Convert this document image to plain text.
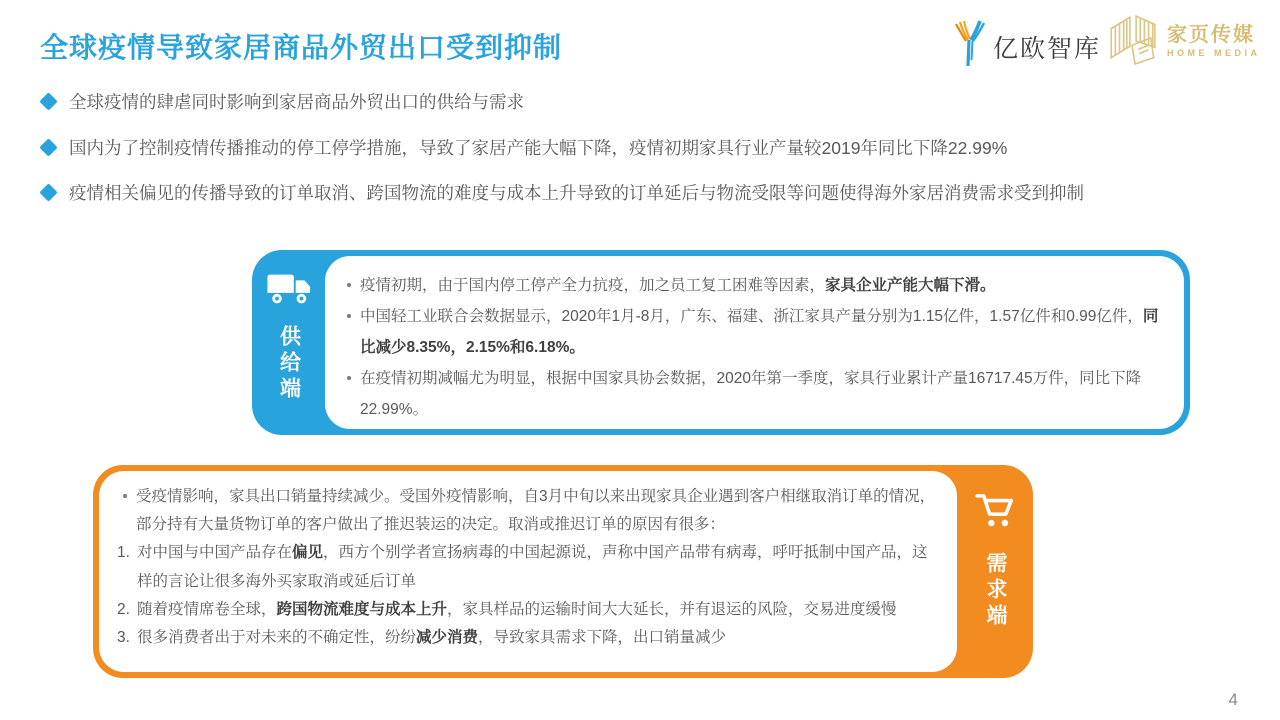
全球疫情导致家居商品外贸出口受到抑制	亿欧智库	家页传媒
HOME MEDIA
全球疫情的肆虐同时影响到家居商品外贸出口的供给与需求
国内为了控制疫情传播推动的停工停学措施，导致了家居产能大幅下降，疫情初期家具行业产量较2019年同比下降22.99%
疫情相关偏见的传播导致的订单取消、跨国物流的难度与成本上升导致的订单延后与物流受限等问题使得海外家居消费需求受到抑制
供给端
疫情初期，由于国内停工停产全力抗疫，加之员工复工困难等因素，家具企业产能大幅下滑。
中国轻工业联合会数据显示，2020年1月-8月，广东、福建、浙江家具产量分别为1.15亿件，1.57亿件和0.99亿件，同比减少8.35%，2.15%和6.18%。
在疫情初期减幅尤为明显，根据中国家具协会数据，2020年第一季度，家具行业累计产量16717.45万件，同比下降22.99%。
受疫情影响，家具出口销量持续减少。受国外疫情影响，自3月中旬以来出现家具企业遇到客户相继取消订单的情况，部分持有大量货物订单的客户做出了推迟装运的决定。取消或推迟订单的原因有很多：
1. 对中国与中国产品存在偏见，西方个别学者宣扬病毒的中国起源说，声称中国产品带有病毒，呼吁抵制中国产品，这样的言论让很多海外买家取消或延后订单
2. 随着疫情席卷全球，跨国物流难度与成本上升，家具样品的运输时间大大延长，并有退运的风险，交易进度缓慢
3. 很多消费者出于对未来的不确定性，纷纷减少消费，导致家具需求下降，出口销量减少
需求端
4
